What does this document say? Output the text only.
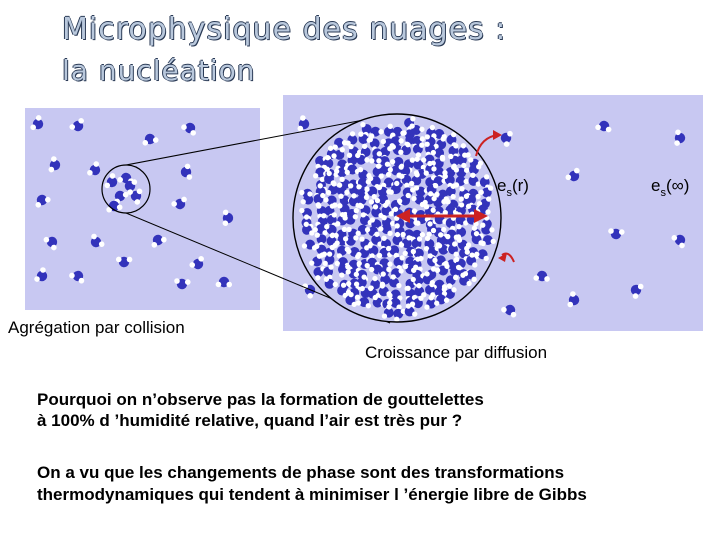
Microphysique des nuages :
la nucléation
$e_s(r)$	$e_s(\infty)$
Agrégation par collision
Croissance par diffusion
Pourquoi on n’observe pas la formation de gouttelettes
à 100% d ’humidité relative, quand l’air est très pur ?
On a vu que les changements de phase sont des transformations
thermodynamiques qui tendent à minimiser l ’énergie libre de Gibbs
